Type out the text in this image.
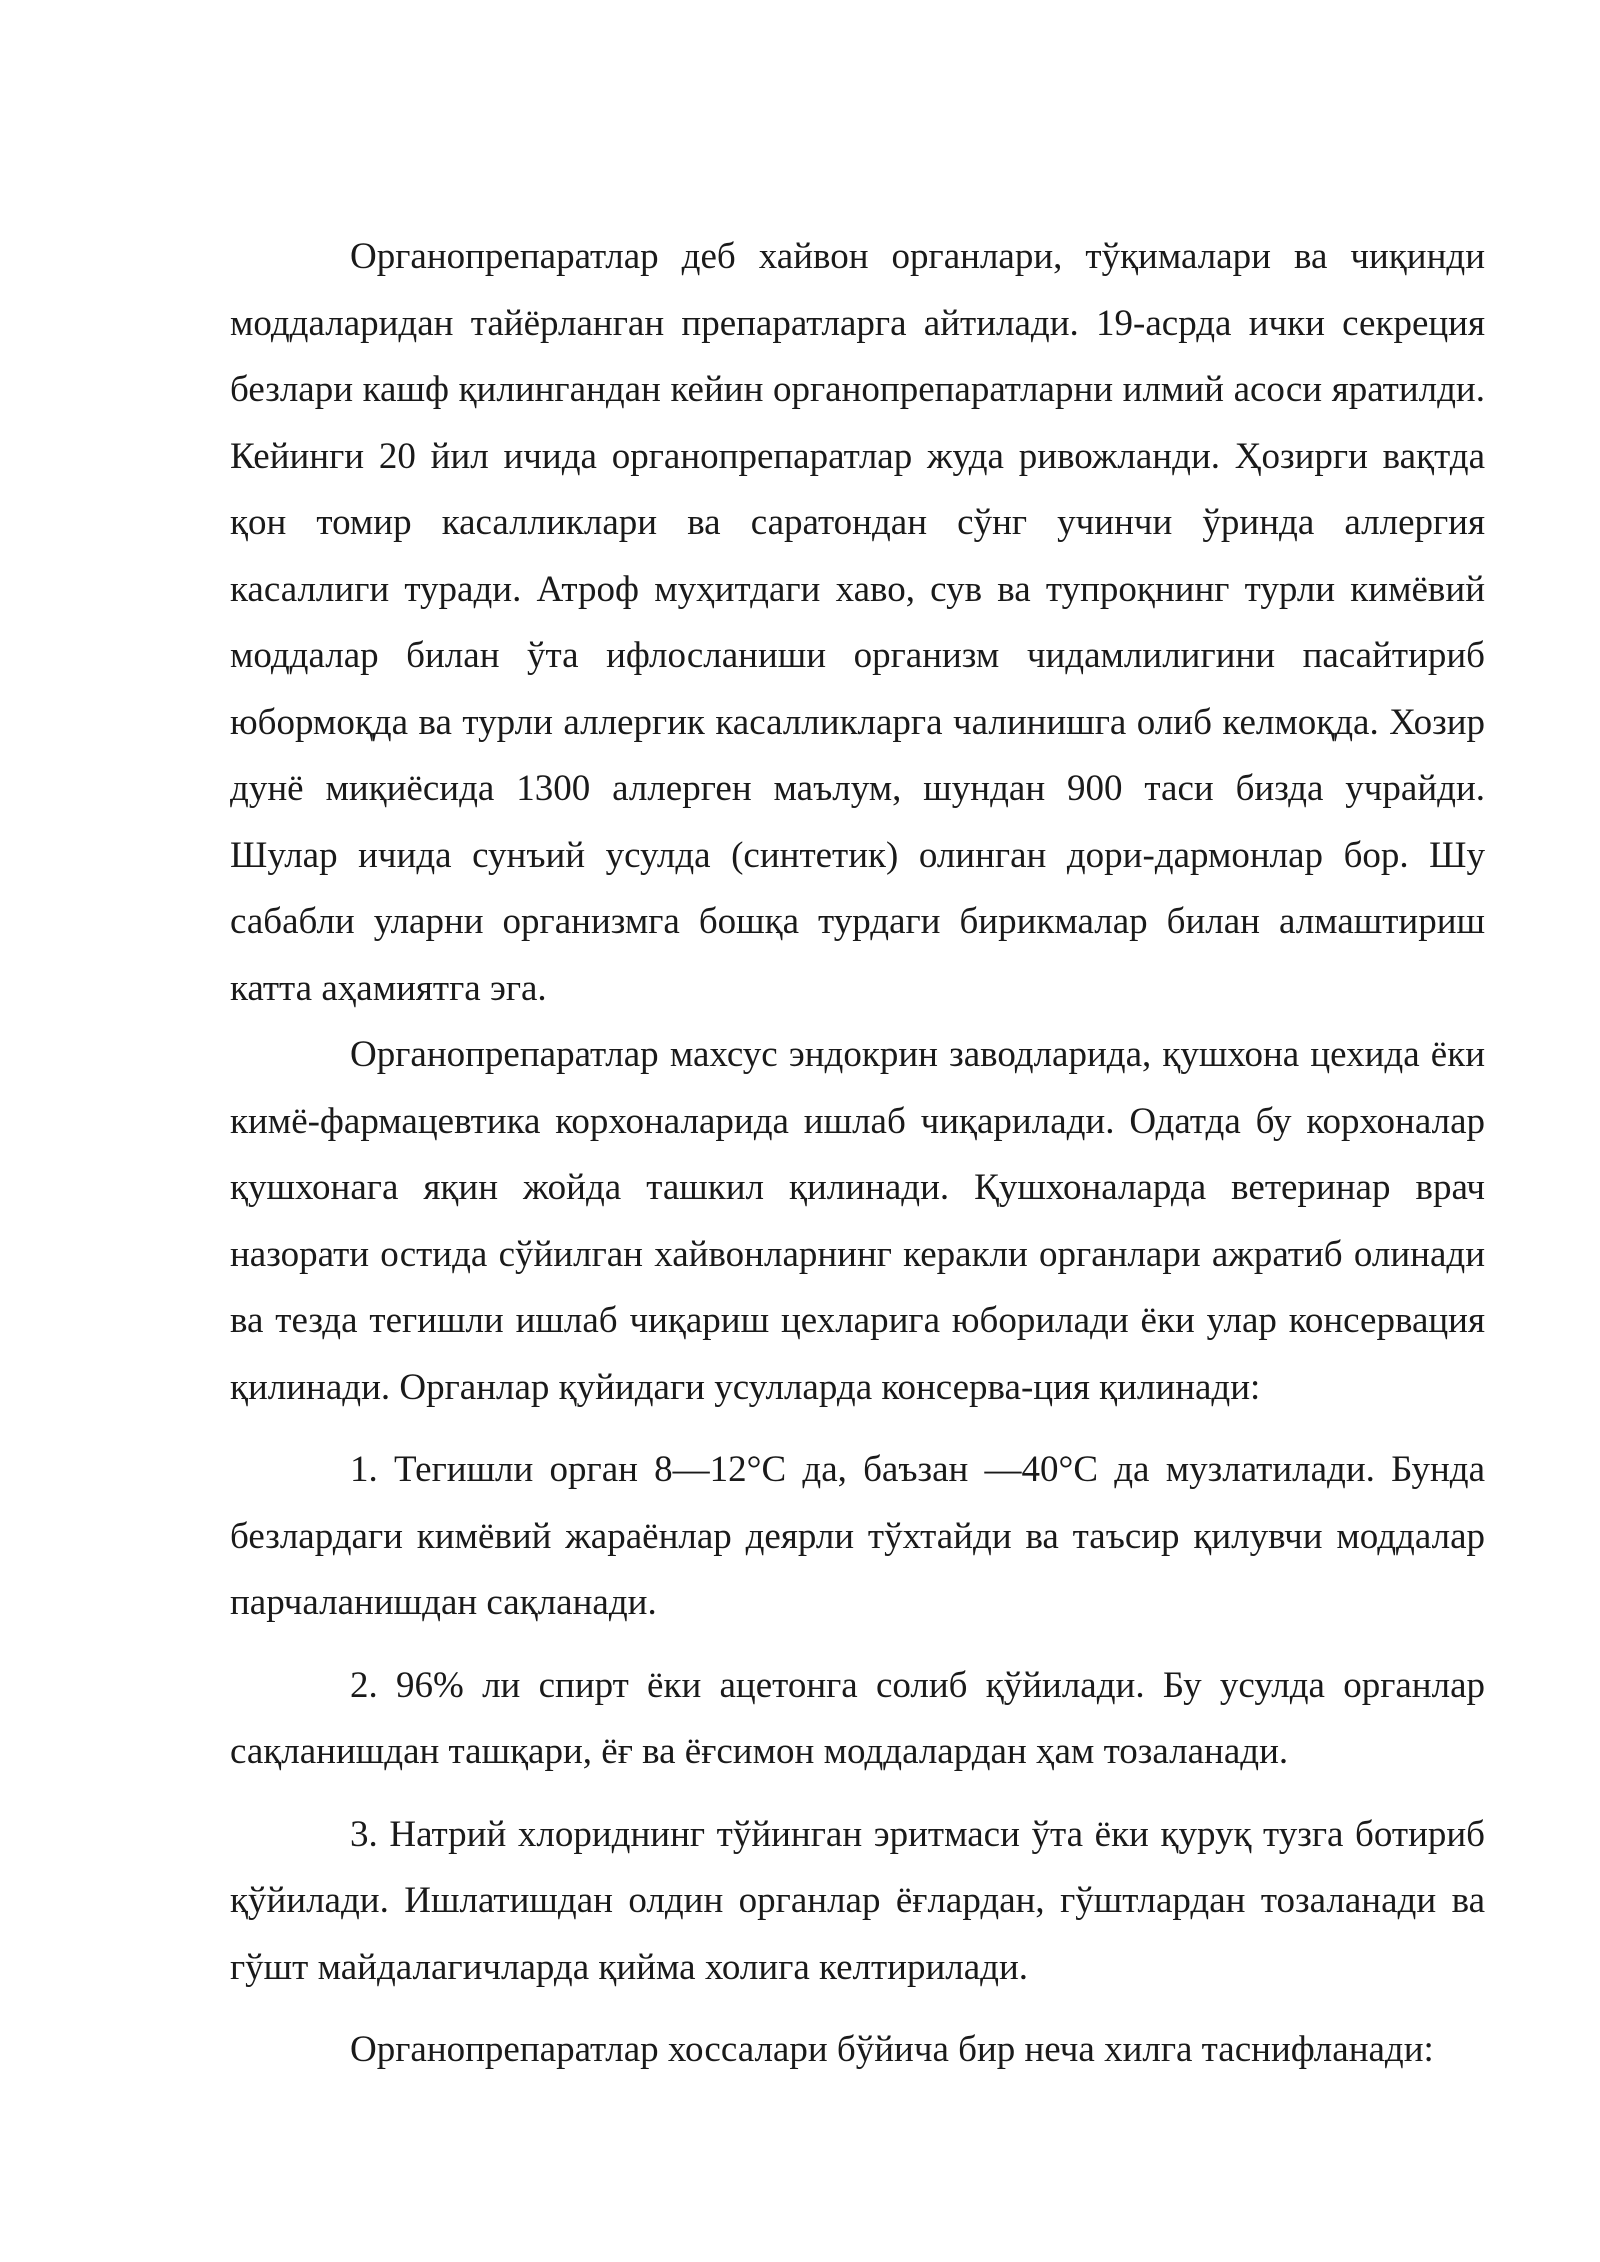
Органопрепаратлар деб хайвон органлари, тўқималари ва чиқинди моддаларидан тайёрланган препаратларга айтилади. 19-асрда ички секреция безлари кашф қилингандан кейин органопрепаратларни илмий асоси яратилди. Кейинги 20 йил ичида органопрепаратлар жуда ривожланди. Ҳозирги вақтда қон томир касалликлари ва саратондан сўнг учинчи ўринда аллергия касаллиги туради. Атроф муҳитдаги хаво, сув ва тупроқнинг турли кимёвий моддалар билан ўта ифлосланиши организм чидамлилигини пасайтириб юбормоқда ва турли аллергик касалликларга чалинишга олиб келмоқда. Хозир дунё миқиёсида 1300 аллерген маълум, шундан 900 таси бизда учрайди. Шулар ичида сунъий усулда (синтетик) олинган дори-дармонлар бор. Шу сабабли уларни организмга бошқа турдаги бирикмалар билан алмаштириш катта аҳамиятга эга.

Органопрепаратлар махсус эндокрин заводларида, қушхона цехида ёки кимё-фармацевтика корхоналарида ишлаб чиқарилади. Одатда бу корхоналар қушхонага яқин жойда ташкил қилинади. Қушхоналарда ветеринар врач назорати остида сўйилган хайвонларнинг керакли органлари ажратиб олинади ва тезда тегишли ишлаб чиқариш цехларига юборилади ёки улар консервация қилинади. Органлар қуйидаги усулларда консерва-ция қилинади:

1. Тегишли орган 8—12°С да, баъзан —40°С да музлатилади. Бунда безлардаги кимёвий жараёнлар деярли тўхтайди ва таъсир қилувчи моддалар парчаланишдан сақланади.

2. 96% ли спирт ёки ацетонга солиб қўйилади. Бу усулда органлар сақланишдан ташқари, ёғ ва ёғсимон моддалардан ҳам тозаланади.

3. Натрий хлориднинг тўйинган эритмаси ўта ёки қуруқ тузга ботириб қўйилади. Ишлатишдан олдин органлар ёғлардан, гўштлардан тозаланади ва гўшт майдалагичларда қийма холига келтирилади.

Органопрепаратлар хоссалари бўйича бир неча хилга таснифланади:
